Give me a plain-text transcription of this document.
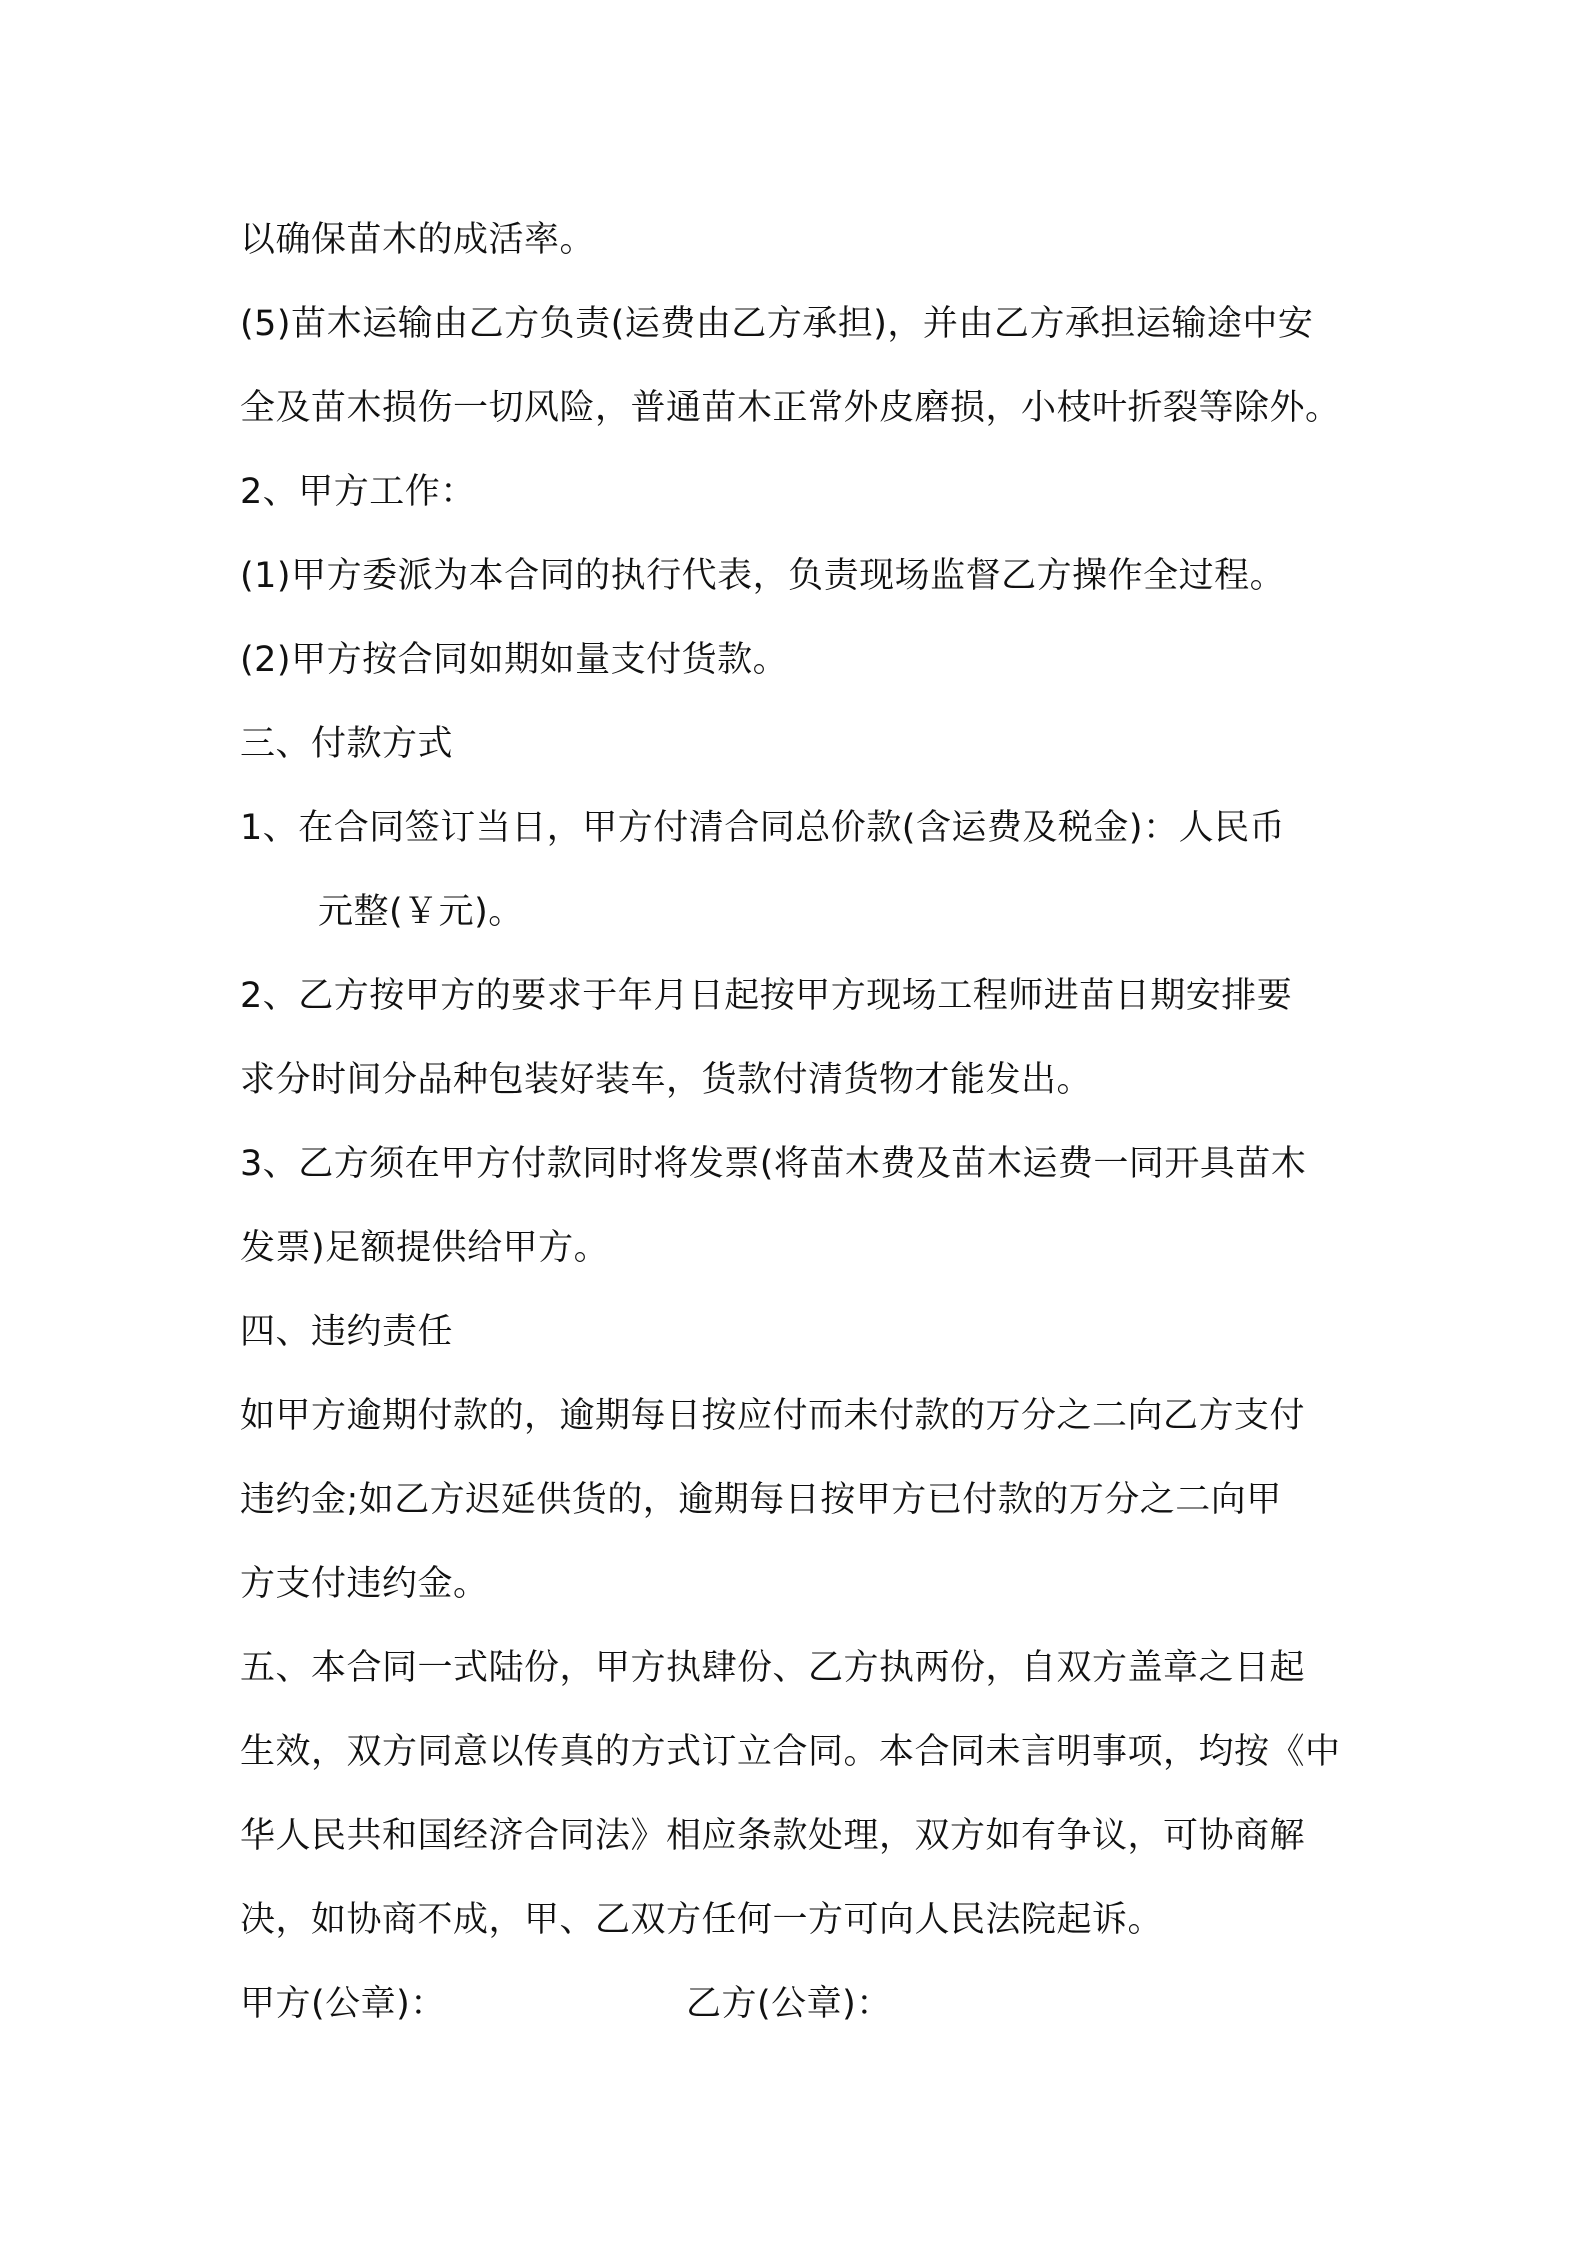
以确保苗木的成活率。
(5)苗木运输由乙方负责(运费由乙方承担)，并由乙方承担运输途中安
全及苗木损伤一切风险，普通苗木正常外皮磨损，小枝叶折裂等除外。
2、甲方工作：
(1)甲方委派为本合同的执行代表，负责现场监督乙方操作全过程。
(2)甲方按合同如期如量支付货款。
三、付款方式
1、在合同签订当日，甲方付清合同总价款(含运费及税金)：人民币
元整(￥元)。
2、乙方按甲方的要求于年月日起按甲方现场工程师进苗日期安排要
求分时间分品种包装好装车，货款付清货物才能发出。
3、乙方须在甲方付款同时将发票(将苗木费及苗木运费一同开具苗木
发票)足额提供给甲方。
四、违约责任
如甲方逾期付款的，逾期每日按应付而未付款的万分之二向乙方支付
违约金;如乙方迟延供货的，逾期每日按甲方已付款的万分之二向甲
方支付违约金。
五、本合同一式陆份，甲方执肆份、乙方执两份，自双方盖章之日起
生效，双方同意以传真的方式订立合同。本合同未言明事项，均按《中
华人民共和国经济合同法》相应条款处理，双方如有争议，可协商解
决，如协商不成，甲、乙双方任何一方可向人民法院起诉。
甲方(公章)：	乙方(公章)：
